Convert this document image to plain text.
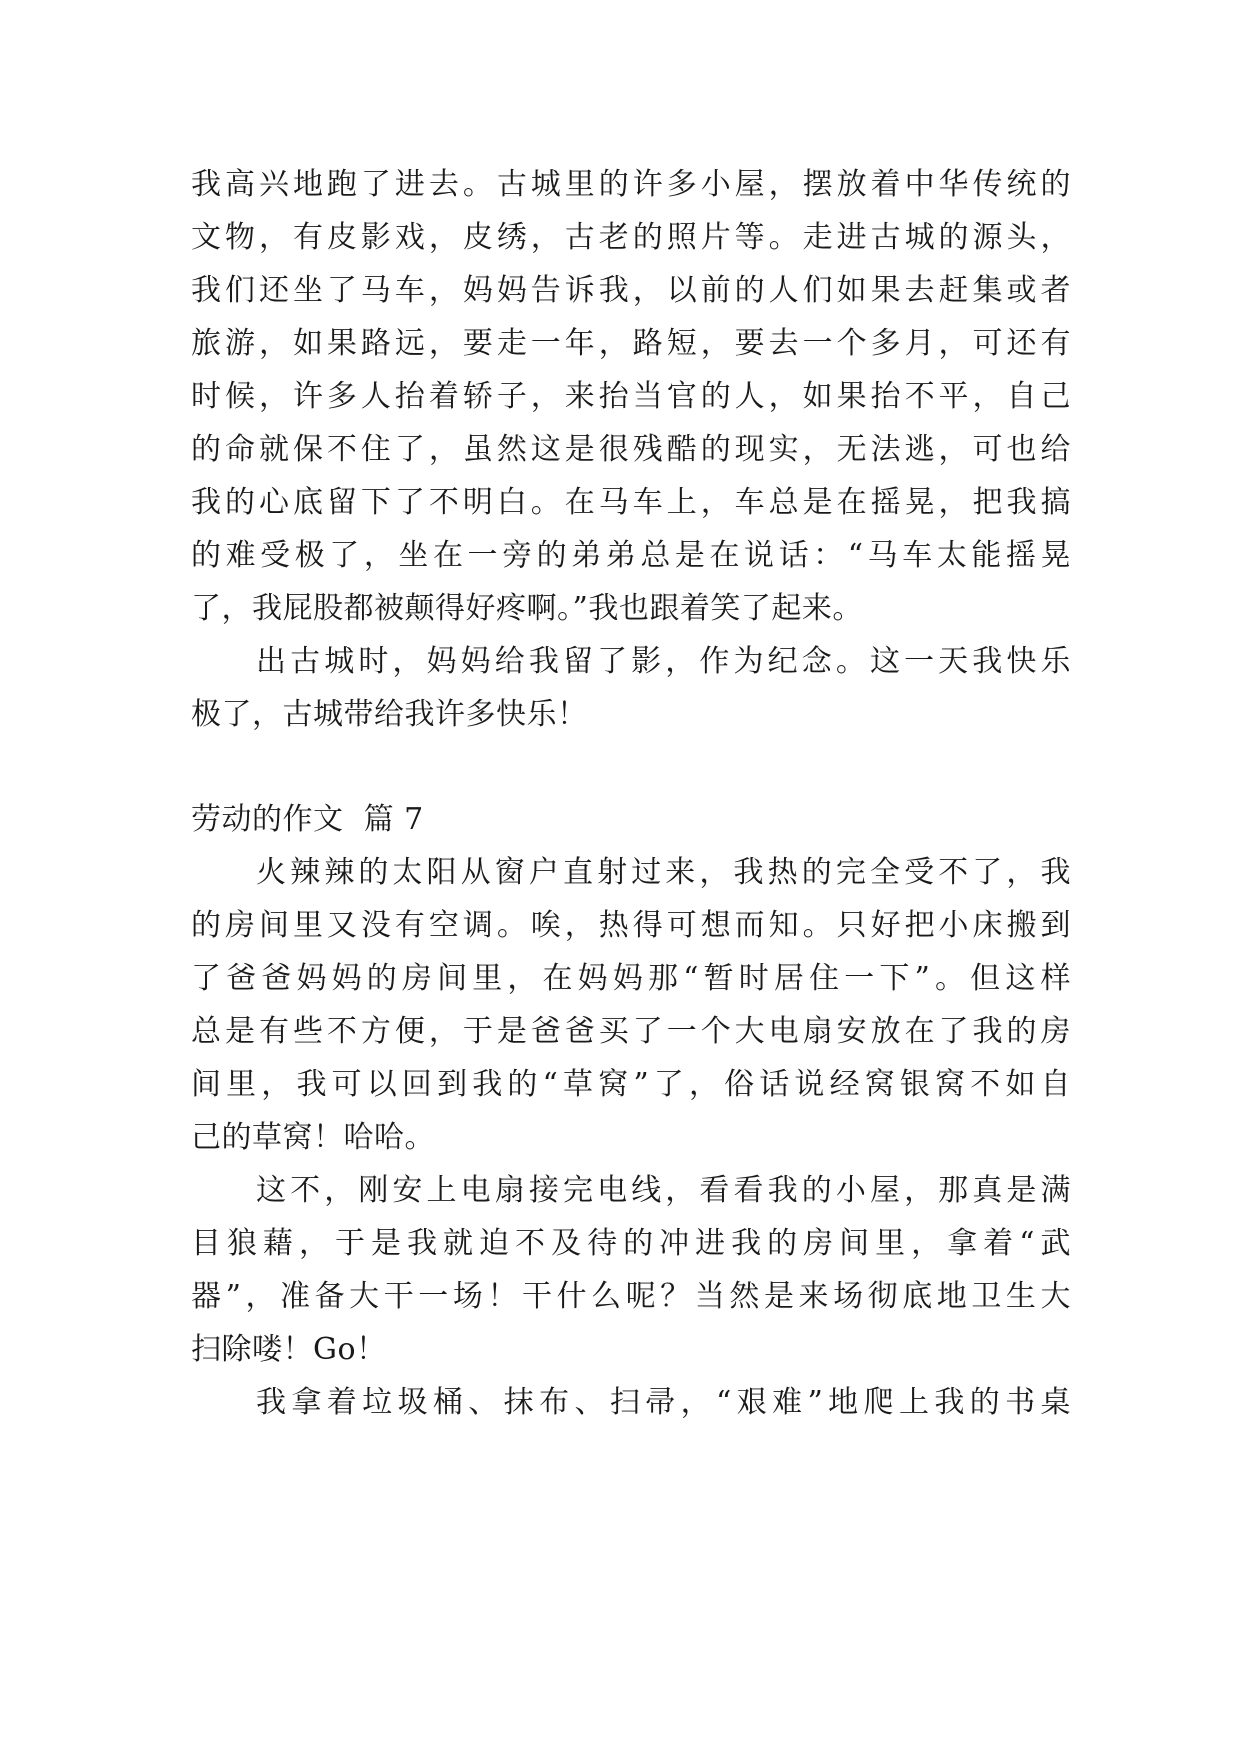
我高兴地跑了进去。古城里的许多小屋，摆放着中华传统的
文物，有皮影戏，皮绣，古老的照片等。走进古城的源头，
我们还坐了马车，妈妈告诉我，以前的人们如果去赶集或者
旅游，如果路远，要走一年，路短，要去一个多月，可还有
时候，许多人抬着轿子，来抬当官的人，如果抬不平，自己
的命就保不住了，虽然这是很残酷的现实，无法逃，可也给
我的心底留下了不明白。在马车上，车总是在摇晃，把我搞
的难受极了，坐在一旁的弟弟总是在说话：“马车太能摇晃
了，我屁股都被颠得好疼啊。”我也跟着笑了起来。
出古城时，妈妈给我留了影，作为纪念。这一天我快乐
极了，古城带给我许多快乐！
劳动的作文  篇 7
火辣辣的太阳从窗户直射过来，我热的完全受不了，我
的房间里又没有空调。唉，热得可想而知。只好把小床搬到
了爸爸妈妈的房间里，在妈妈那“暂时居住一下”。但这样
总是有些不方便，于是爸爸买了一个大电扇安放在了我的房
间里，我可以回到我的“草窝”了，俗话说经窝银窝不如自
己的草窝！哈哈。
这不，刚安上电扇接完电线，看看我的小屋，那真是满
目狼藉，于是我就迫不及待的冲进我的房间里，拿着“武
器”，准备大干一场！干什么呢？当然是来场彻底地卫生大
扫除喽！Go！
我拿着垃圾桶、抹布、扫帚，“艰难”地爬上我的书桌
